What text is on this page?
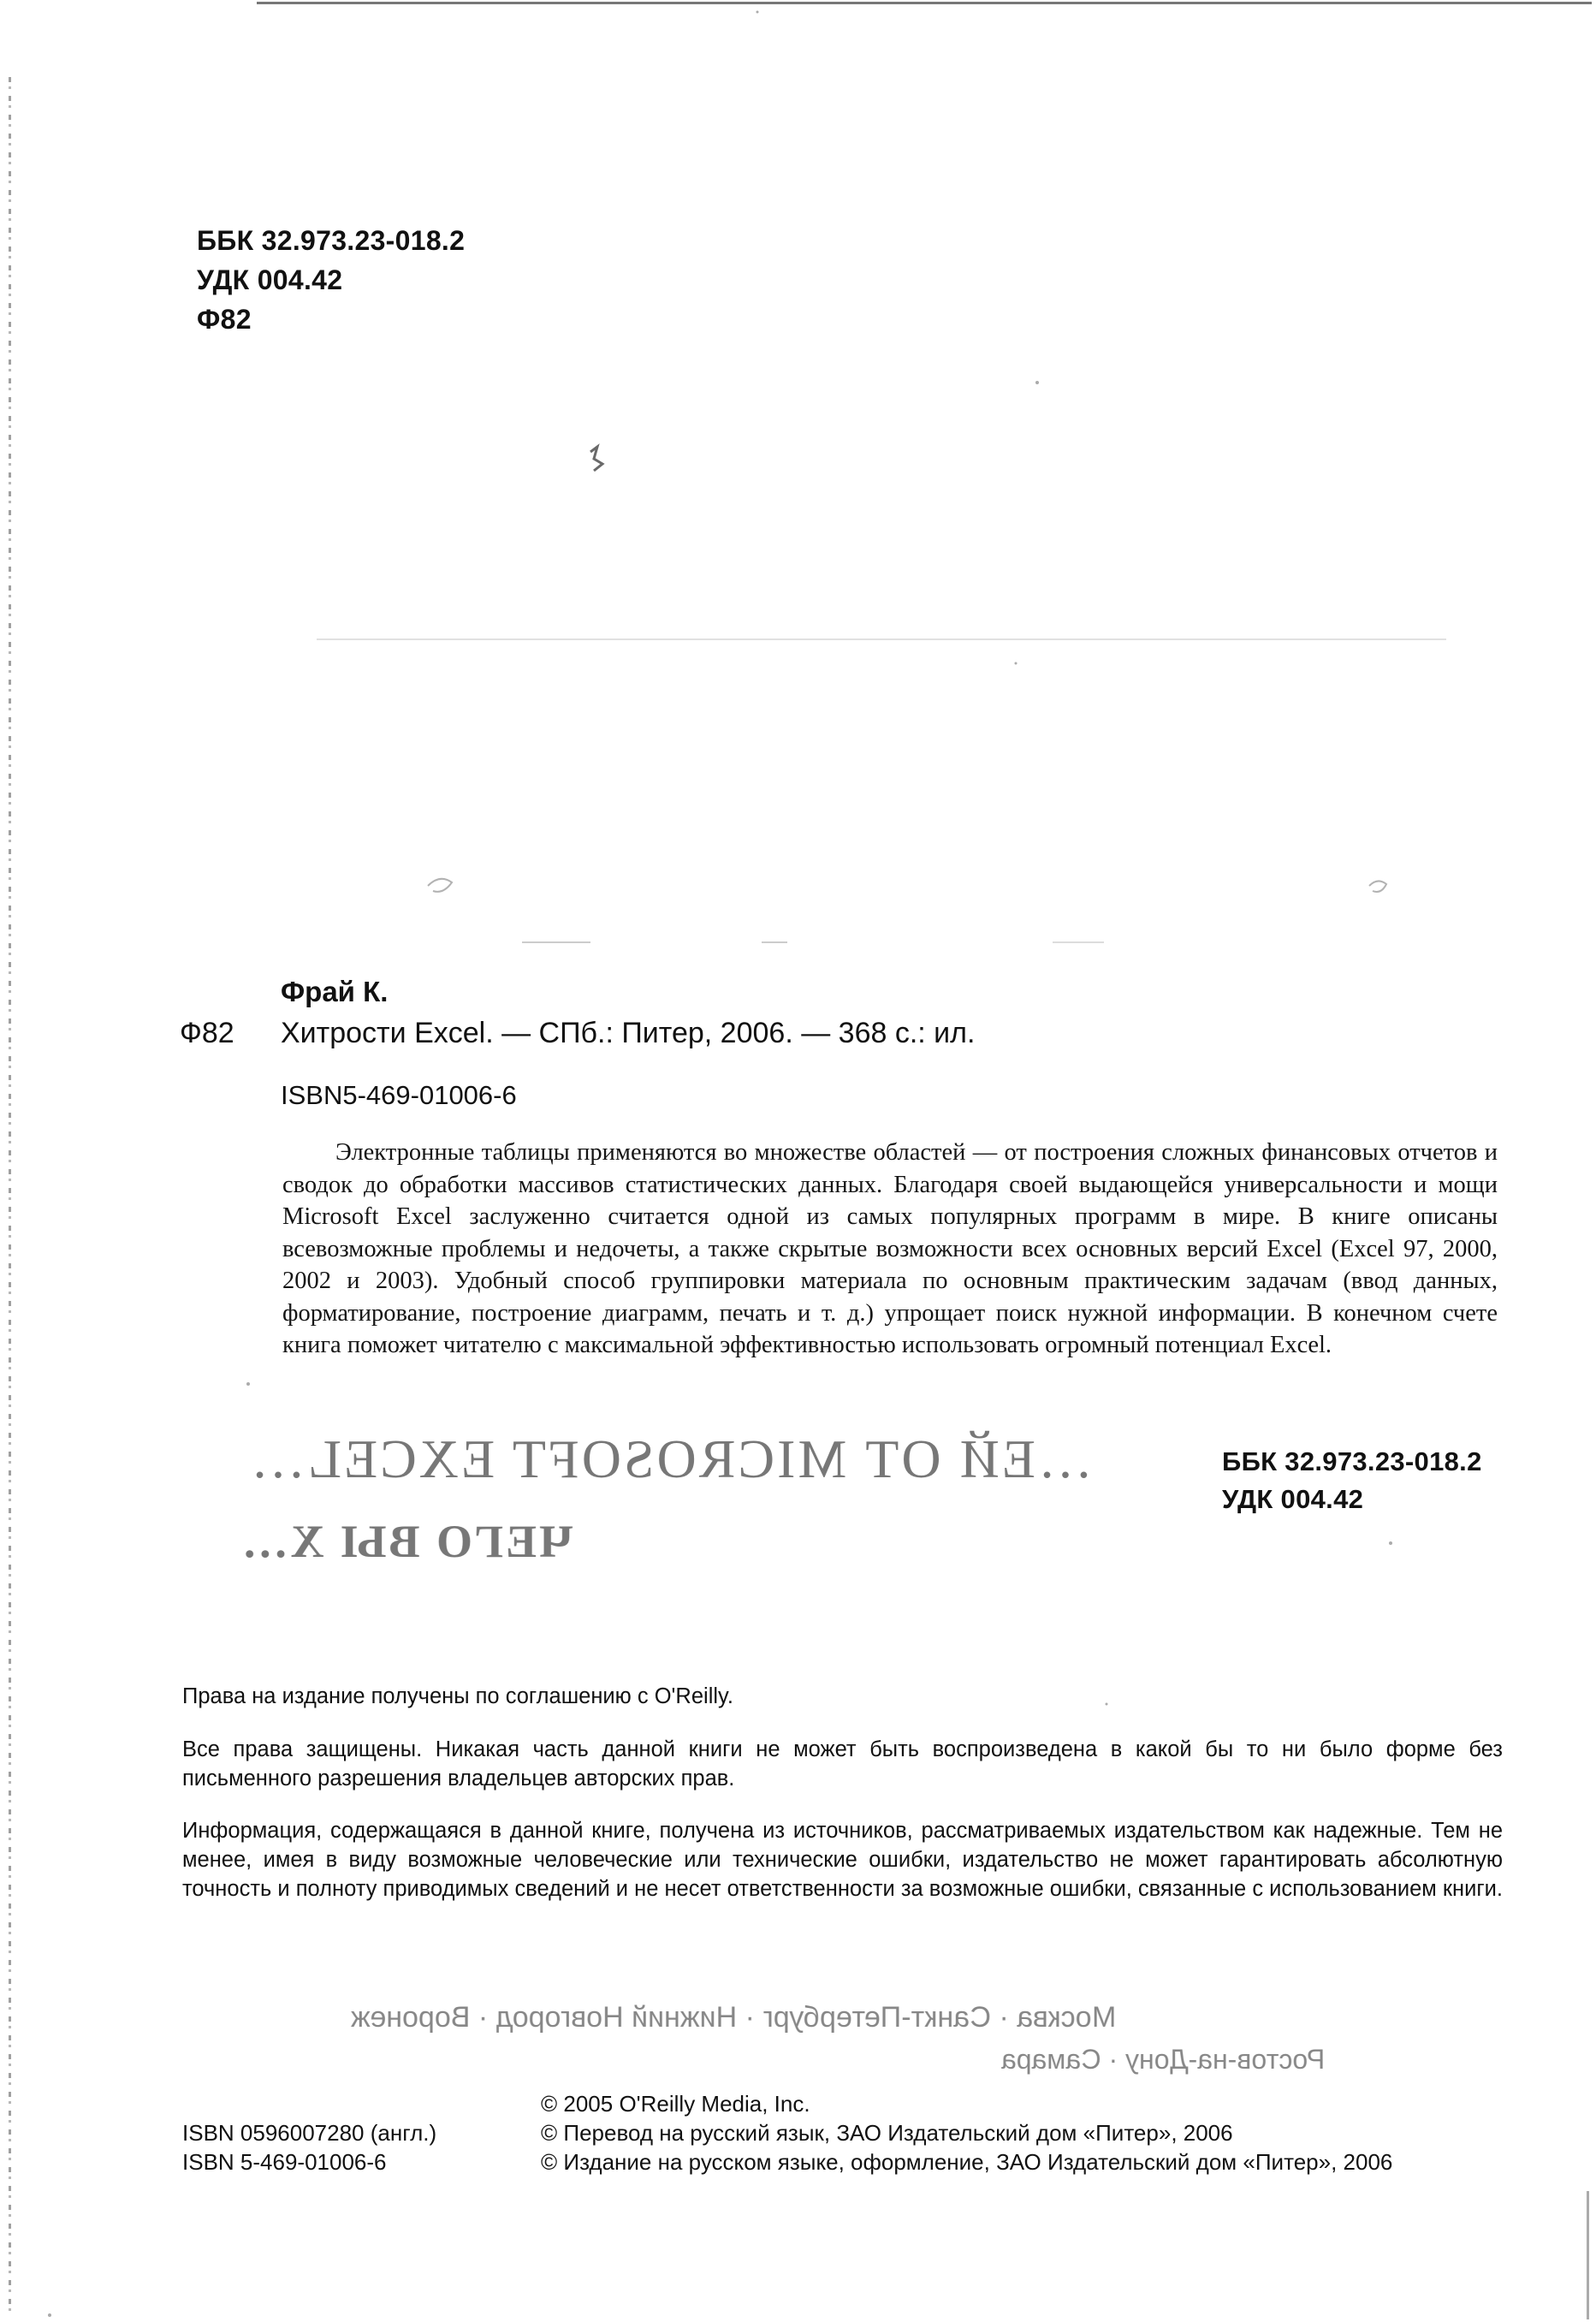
ББК 32.973.23-018.2
УДК 004.42
Ф82
Фрай К.
Ф82 Хитрости Excel. — СПб.: Питер, 2006. — 368 с.: ил.
ISBN5-469-01006-6
Электронные таблицы применяются во множестве областей — от построения сложных финансовых отчетов и сводок до обработки массивов статистических данных. Благодаря своей выдающейся универсальности и мощи Microsoft Excel заслуженно считается одной из самых популярных программ в мире. В книге описаны всевозможные проблемы и недочеты, а также скрытые возможности всех основных версий Excel (Excel 97, 2000, 2002 и 2003). Удобный способ группировки материала по основным практическим задачам (ввод данных, форматирование, построение диаграмм, печать и т. д.) упрощает поиск нужной информации. В конечном счете книга поможет читателю с максимальной эффективностью использовать огромный потенциал Excel.
…ЕЙ ОТ MICROSOFT EXCEL…
ЧЕГО ВЫ Х…
ББК 32.973.23-018.2
УДК 004.42
Права на издание получены по соглашению с O'Reilly.
Все права защищены. Никакая часть данной книги не может быть воспроизведена в какой бы то ни было форме без письменного разрешения владельцев авторских прав.
Информация, содержащаяся в данной книге, получена из источников, рассматриваемых издательством как надежные. Тем не менее, имея в виду возможные человеческие или технические ошибки, издательство не может гарантировать абсолютную точность и полноту приводимых сведений и не несет ответственности за возможные ошибки, связанные с использованием книги.
Москва · Санкт-Петербург · Нижний Новгород · Воронеж
Ростов-на-Дону · Самара
ISBN 0596007280 (англ.)
ISBN 5-469-01006-6
© 2005 O'Reilly Media, Inc.
© Перевод на русский язык, ЗАО Издательский дом «Питер», 2006
© Издание на русском языке, оформление, ЗАО Издательский дом «Питер», 2006
